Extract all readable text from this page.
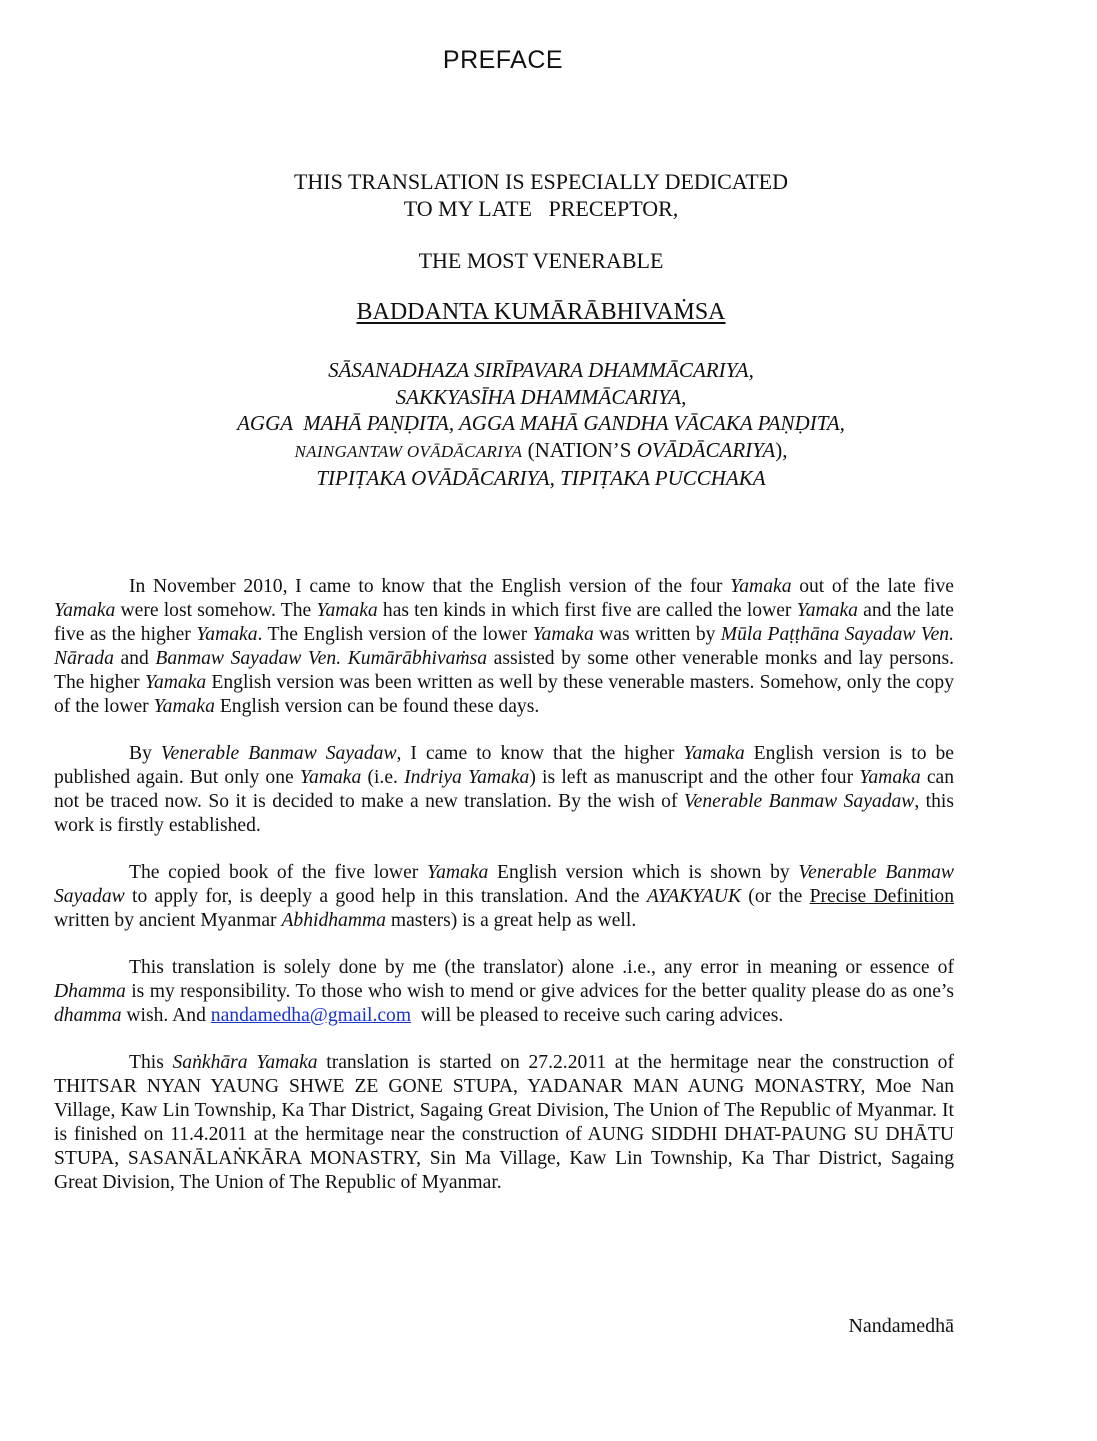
PREFACE
THIS TRANSLATION IS ESPECIALLY DEDICATED
TO MY LATE   PRECEPTOR,
THE MOST VENERABLE
BADDANTA KUMĀRĀBHIVAṀSA
SĀSANADHAZA SIRĪPAVARA DHAMMĀCARIYA,
SAKKYASĪHA DHAMMĀCARIYA,
AGGA  MAHĀ PAṆḌITA, AGGA MAHĀ GANDHA VĀCAKA PAṆḌITA,
NAINGANTAW OVĀDĀCARIYA (NATION’S OVĀDĀCARIYA),
TIPIṬAKA OVĀDĀCARIYA, TIPIṬAKA PUCCHAKA

In November 2010, I came to know that the English version of the four Yamaka out of the late five Yamaka were lost somehow. The Yamaka has ten kinds in which first five are called the lower Yamaka and the late five as the higher Yamaka. The English version of the lower Yamaka was written by Mūla Paṭṭhāna Sayadaw Ven. Nārada and Banmaw Sayadaw Ven. Kumārābhivaṁsa assisted by some other venerable monks and lay persons. The higher Yamaka English version was been written as well by these venerable masters. Somehow, only the copy of the lower Yamaka English version can be found these days.

By Venerable Banmaw Sayadaw, I came to know that the higher Yamaka English version is to be published again. But only one Yamaka (i.e. Indriya Yamaka) is left as manuscript and the other four Yamaka can not be traced now. So it is decided to make a new translation. By the wish of Venerable Banmaw Sayadaw, this work is firstly established.

The copied book of the five lower Yamaka English version which is shown by Venerable Banmaw Sayadaw to apply for, is deeply a good help in this translation. And the AYAKYAUK (or the Precise Definition written by ancient Myanmar Abhidhamma masters) is a great help as well.

This translation is solely done by me (the translator) alone .i.e., any error in meaning or essence of Dhamma is my responsibility. To those who wish to mend or give advices for the better quality please do as one’s dhamma wish. And nandamedha@gmail.com  will be pleased to receive such caring advices.

This Saṅkhāra Yamaka translation is started on 27.2.2011 at the hermitage near the construction of THITSAR NYAN YAUNG SHWE ZE GONE STUPA, YADANAR MAN AUNG MONASTRY, Moe Nan Village, Kaw Lin Township, Ka Thar District, Sagaing Great Division, The Union of The Republic of Myanmar. It is finished on 11.4.2011 at the hermitage near the construction of AUNG SIDDHI DHAT-PAUNG SU DHĀTU STUPA, SASANĀLAṄKĀRA MONASTRY, Sin Ma Village, Kaw Lin Township, Ka Thar District, Sagaing Great Division, The Union of The Republic of Myanmar.

Nandamedhā
